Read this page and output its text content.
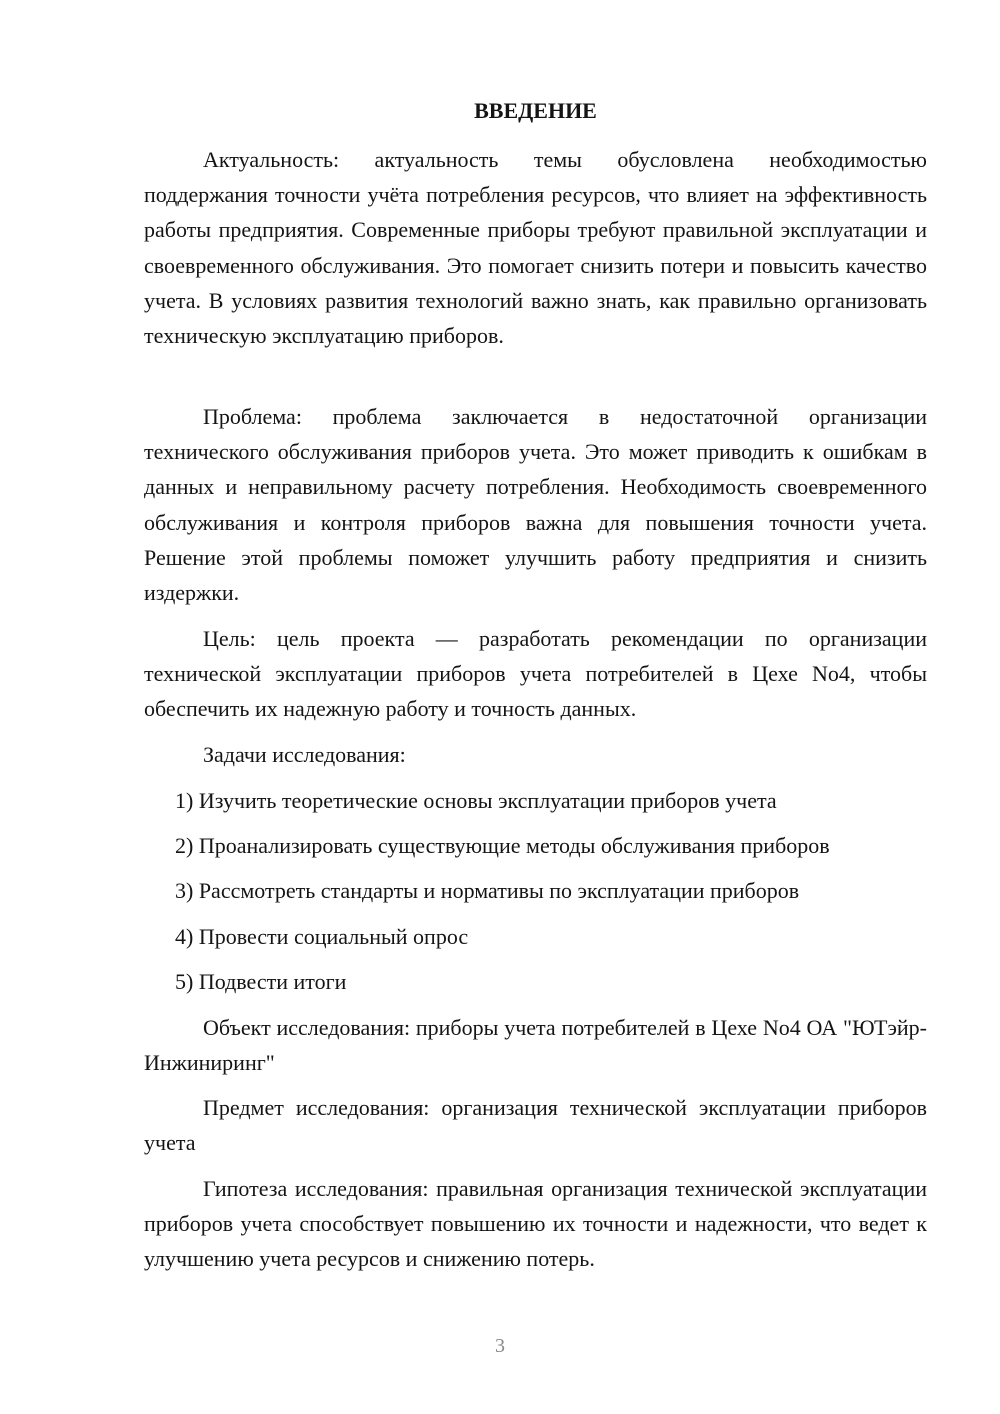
ВВЕДЕНИЕ

Актуальность: актуальность темы обусловлена необходимостью поддержания точности учёта потребления ресурсов, что влияет на эффективность работы предприятия. Современные приборы требуют правильной эксплуатации и своевременного обслуживания. Это помогает снизить потери и повысить качество учета. В условиях развития технологий важно знать, как правильно организовать техническую эксплуатацию приборов.

Проблема: проблема заключается в недостаточной организации технического обслуживания приборов учета. Это может приводить к ошибкам в данных и неправильному расчету потребления. Необходимость своевременного обслуживания и контроля приборов важна для повышения точности учета. Решение этой проблемы поможет улучшить работу предприятия и снизить издержки.

Цель: цель проекта — разработать рекомендации по организации технической эксплуатации приборов учета потребителей в Цехе No4, чтобы обеспечить их надежную работу и точность данных.

Задачи исследования:
1) Изучить теоретические основы эксплуатации приборов учета
2) Проанализировать существующие методы обслуживания приборов
3) Рассмотреть стандарты и нормативы по эксплуатации приборов
4) Провести социальный опрос
5) Подвести итоги

Объект исследования: приборы учета потребителей в Цехе No4 ОА "ЮТэйр-Инжиниринг"

Предмет исследования: организация технической эксплуатации приборов учета

Гипотеза исследования: правильная организация технической эксплуатации приборов учета способствует повышению их точности и надежности, что ведет к улучшению учета ресурсов и снижению потерь.

3
